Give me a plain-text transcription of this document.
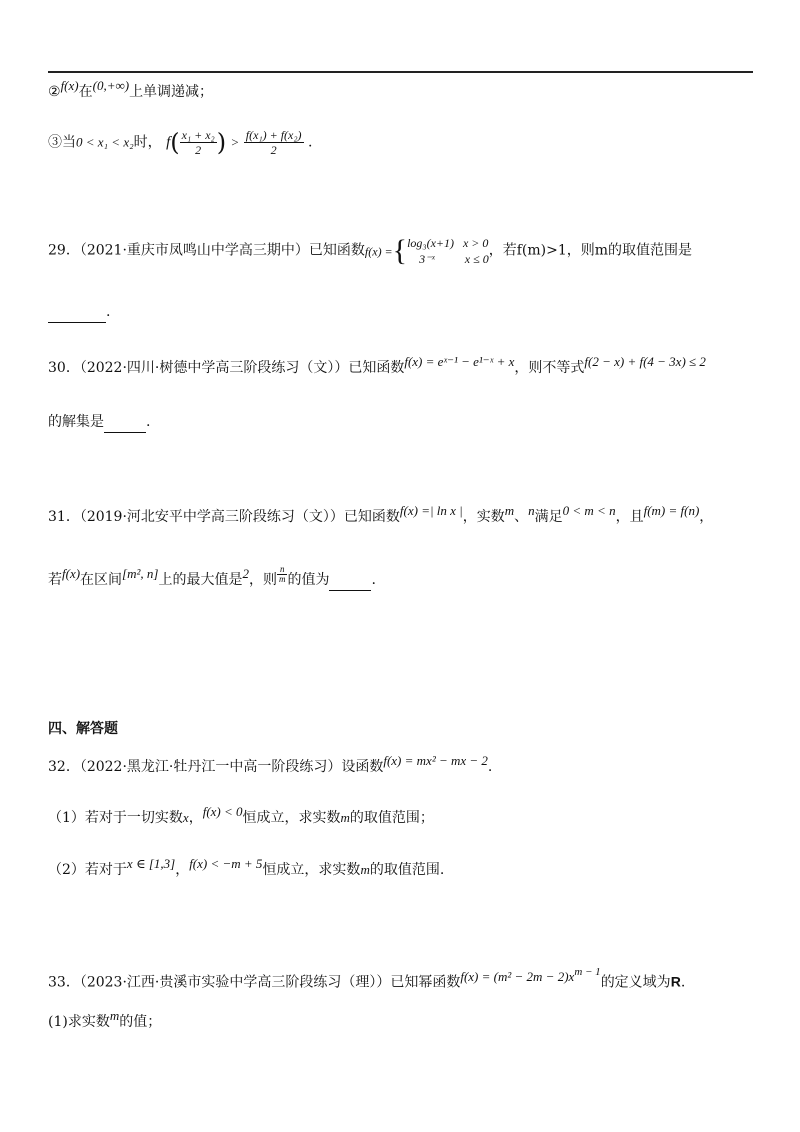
②f(x)在(0,+∞)上单调递减；
③当0 < x₁ < x₂时， $f( \frac{\text{x₁ + x₂}}{2}$ ) > $\frac{\text{f(x₁) + f(x₂)}}{2}$ .
29．（2021·重庆市凤鸣山中学高三期中）已知函数f(x) ={log₃(x+1) x > 0
3⁻ˣ	x ≤ 0，若f(m)>1，则m的取值范围是
.
30．（2022·四川·树德中学高三阶段练习（文））已知函数f(x) = eˣ⁻¹ − e¹⁻ˣ + x，则不等式f(2 − x) + f(4 − 3x) ≤ 2
的解集是	.
31．（2019·河北安平中学高三阶段练习（文））已知函数f(x) =| ln x |，实数m、n满足0 < m < n，且f(m) = f(n)，
若f(x)在区间[m², n]上的最大值是2，则 $\frac{n}{m}$ 的值为	.
四、解答题
32．（2022·黑龙江·牡丹江一中高一阶段练习）设函数f(x) = mx² − mx − 2.
（1）若对于一切实数x，f(x) < 0恒成立，求实数m的取值范围；
（2）若对于x ∈ [1,3]，f(x) < −m + 5恒成立，求实数m的取值范围.
33．（2023·江西·贵溪市实验中学高三阶段练习（理））已知幂函数$f(x) = (m^2 - 2m - 2)x^{m - 1}$的定义域为R.
(1)求实数m的值；
